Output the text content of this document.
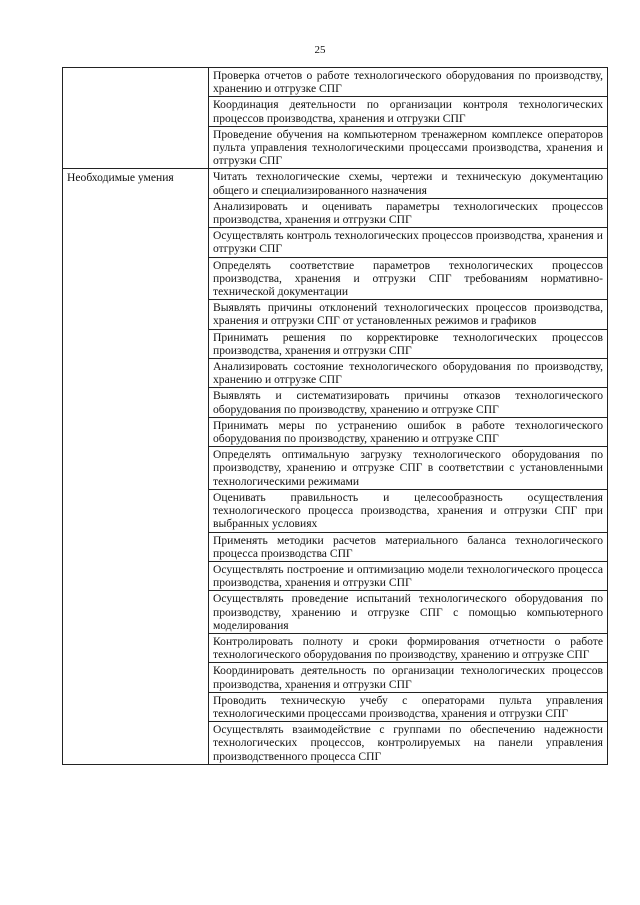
25
	Проверка отчетов о работе технологического оборудования по производству, хранению и отгрузке СПГ
	Координация деятельности по организации контроля технологических процессов производства, хранения и отгрузки СПГ
	Проведение обучения на компьютерном тренажерном комплексе операторов пульта управления технологическими процессами производства, хранения и отгрузки СПГ
Необходимые умения	Читать технологические схемы, чертежи и техническую документацию общего и специализированного назначения
	Анализировать и оценивать параметры технологических процессов производства, хранения и отгрузки СПГ
	Осуществлять контроль технологических процессов производства, хранения и отгрузки СПГ
	Определять соответствие параметров технологических процессов производства, хранения и отгрузки СПГ требованиям нормативно-технической документации
	Выявлять причины отклонений технологических процессов производства, хранения и отгрузки СПГ от установленных режимов и графиков
	Принимать решения по корректировке технологических процессов производства, хранения и отгрузки СПГ
	Анализировать состояние технологического оборудования по производству, хранению и отгрузке СПГ
	Выявлять и систематизировать причины отказов технологического оборудования по производству, хранению и отгрузке СПГ
	Принимать меры по устранению ошибок в работе технологического оборудования по производству, хранению и отгрузке СПГ
	Определять оптимальную загрузку технологического оборудования по производству, хранению и отгрузке СПГ в соответствии с установленными технологическими режимами
	Оценивать правильность и целесообразность осуществления технологического процесса производства, хранения и отгрузки СПГ при выбранных условиях
	Применять методики расчетов материального баланса технологического процесса производства СПГ
	Осуществлять построение и оптимизацию модели технологического процесса производства, хранения и отгрузки СПГ
	Осуществлять проведение испытаний технологического оборудования по производству, хранению и отгрузке СПГ с помощью компьютерного моделирования
	Контролировать полноту и сроки формирования отчетности о работе технологического оборудования по производству, хранению и отгрузке СПГ
	Координировать деятельность по организации технологических процессов производства, хранения и отгрузки СПГ
	Проводить техническую учебу с операторами пульта управления технологическими процессами производства, хранения и отгрузки СПГ
	Осуществлять взаимодействие с группами по обеспечению надежности технологических процессов, контролируемых на панели управления производственного процесса СПГ
